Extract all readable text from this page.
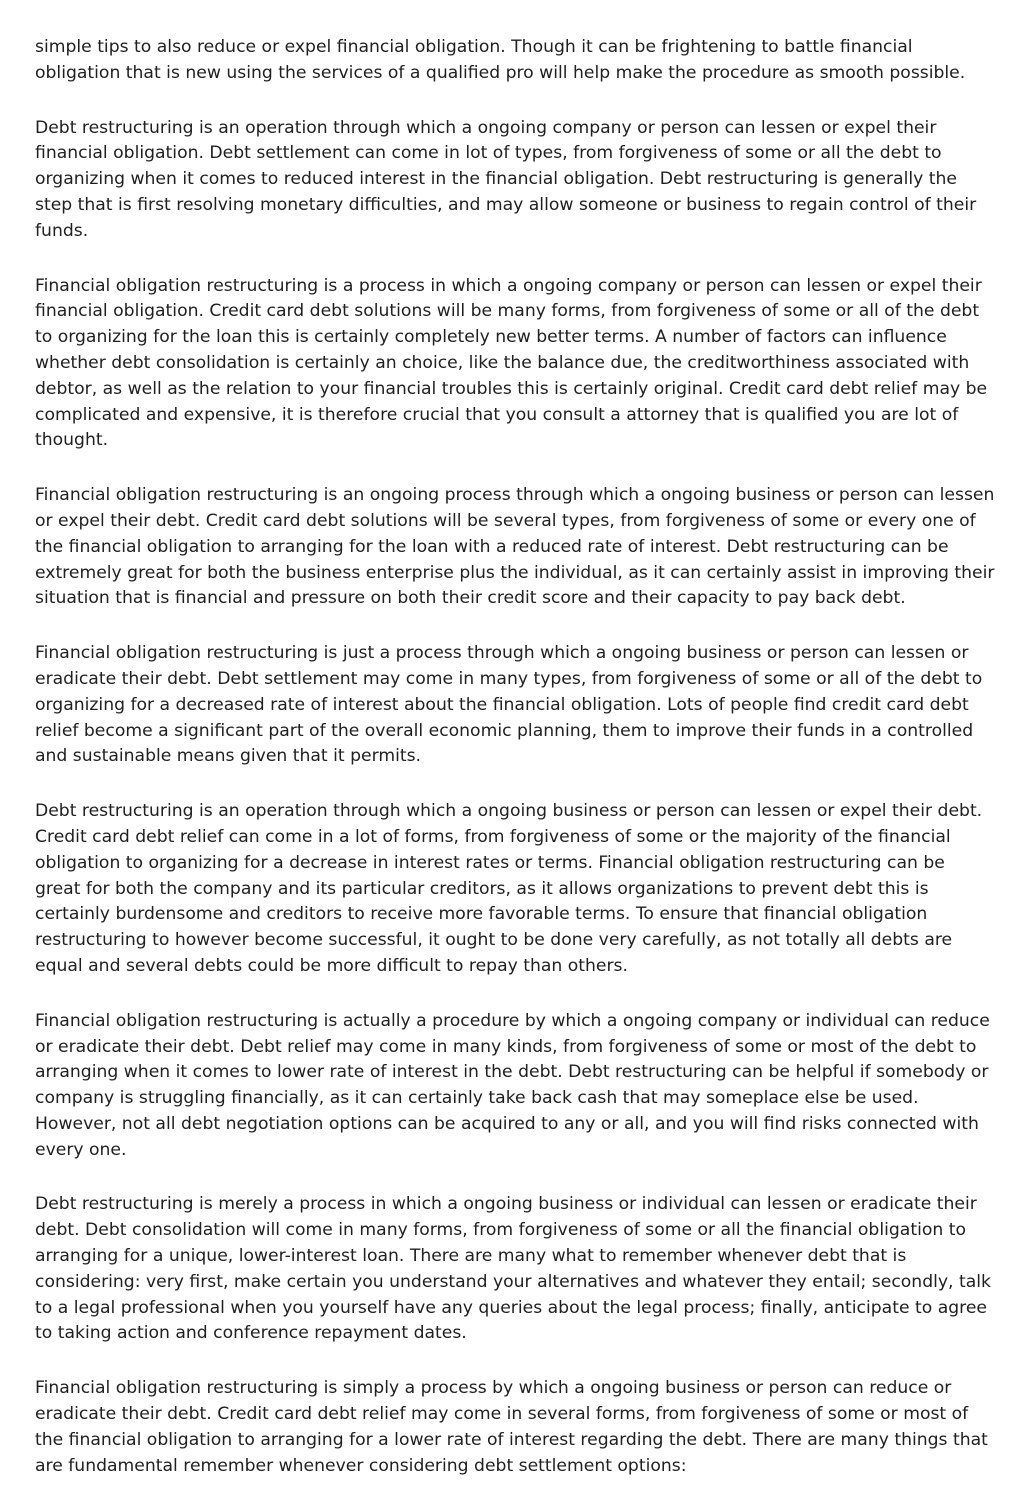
simple tips to also reduce or expel financial obligation. Though it can be frightening to battle financial obligation that is new using the services of a qualified pro will help make the procedure as smooth possible.

Debt restructuring is an operation through which a ongoing company or person can lessen or expel their financial obligation. Debt settlement can come in lot of types, from forgiveness of some or all the debt to organizing when it comes to reduced interest in the financial obligation. Debt restructuring is generally the step that is first resolving monetary difficulties, and may allow someone or business to regain control of their funds.

Financial obligation restructuring is a process in which a ongoing company or person can lessen or expel their financial obligation. Credit card debt solutions will be many forms, from forgiveness of some or all of the debt to organizing for the loan this is certainly completely new better terms. A number of factors can influence whether debt consolidation is certainly an choice, like the balance due, the creditworthiness associated with debtor, as well as the relation to your financial troubles this is certainly original. Credit card debt relief may be complicated and expensive, it is therefore crucial that you consult a attorney that is qualified you are lot of thought.

Financial obligation restructuring is an ongoing process through which a ongoing business or person can lessen or expel their debt. Credit card debt solutions will be several types, from forgiveness of some or every one of the financial obligation to arranging for the loan with a reduced rate of interest. Debt restructuring can be extremely great for both the business enterprise plus the individual, as it can certainly assist in improving their situation that is financial and pressure on both their credit score and their capacity to pay back debt.

Financial obligation restructuring is just a process through which a ongoing business or person can lessen or eradicate their debt. Debt settlement may come in many types, from forgiveness of some or all of the debt to organizing for a decreased rate of interest about the financial obligation. Lots of people find credit card debt relief become a significant part of the overall economic planning, them to improve their funds in a controlled and sustainable means given that it permits.

Debt restructuring is an operation through which a ongoing business or person can lessen or expel their debt. Credit card debt relief can come in a lot of forms, from forgiveness of some or the majority of the financial obligation to organizing for a decrease in interest rates or terms. Financial obligation restructuring can be great for both the company and its particular creditors, as it allows organizations to prevent debt this is certainly burdensome and creditors to receive more favorable terms. To ensure that financial obligation restructuring to however become successful, it ought to be done very carefully, as not totally all debts are equal and several debts could be more difficult to repay than others.

Financial obligation restructuring is actually a procedure by which a ongoing company or individual can reduce or eradicate their debt. Debt relief may come in many kinds, from forgiveness of some or most of the debt to arranging when it comes to lower rate of interest in the debt. Debt restructuring can be helpful if somebody or company is struggling financially, as it can certainly take back cash that may someplace else be used. However, not all debt negotiation options can be acquired to any or all, and you will find risks connected with every one.

Debt restructuring is merely a process in which a ongoing business or individual can lessen or eradicate their debt. Debt consolidation will come in many forms, from forgiveness of some or all the financial obligation to arranging for a unique, lower-interest loan. There are many what to remember whenever debt that is considering: very first, make certain you understand your alternatives and whatever they entail; secondly, talk to a legal professional when you yourself have any queries about the legal process; finally, anticipate to agree to taking action and conference repayment dates.

Financial obligation restructuring is simply a process by which a ongoing business or person can reduce or eradicate their debt. Credit card debt relief may come in several forms, from forgiveness of some or most of the financial obligation to arranging for a lower rate of interest regarding the debt. There are many things that are fundamental remember whenever considering debt settlement options:
